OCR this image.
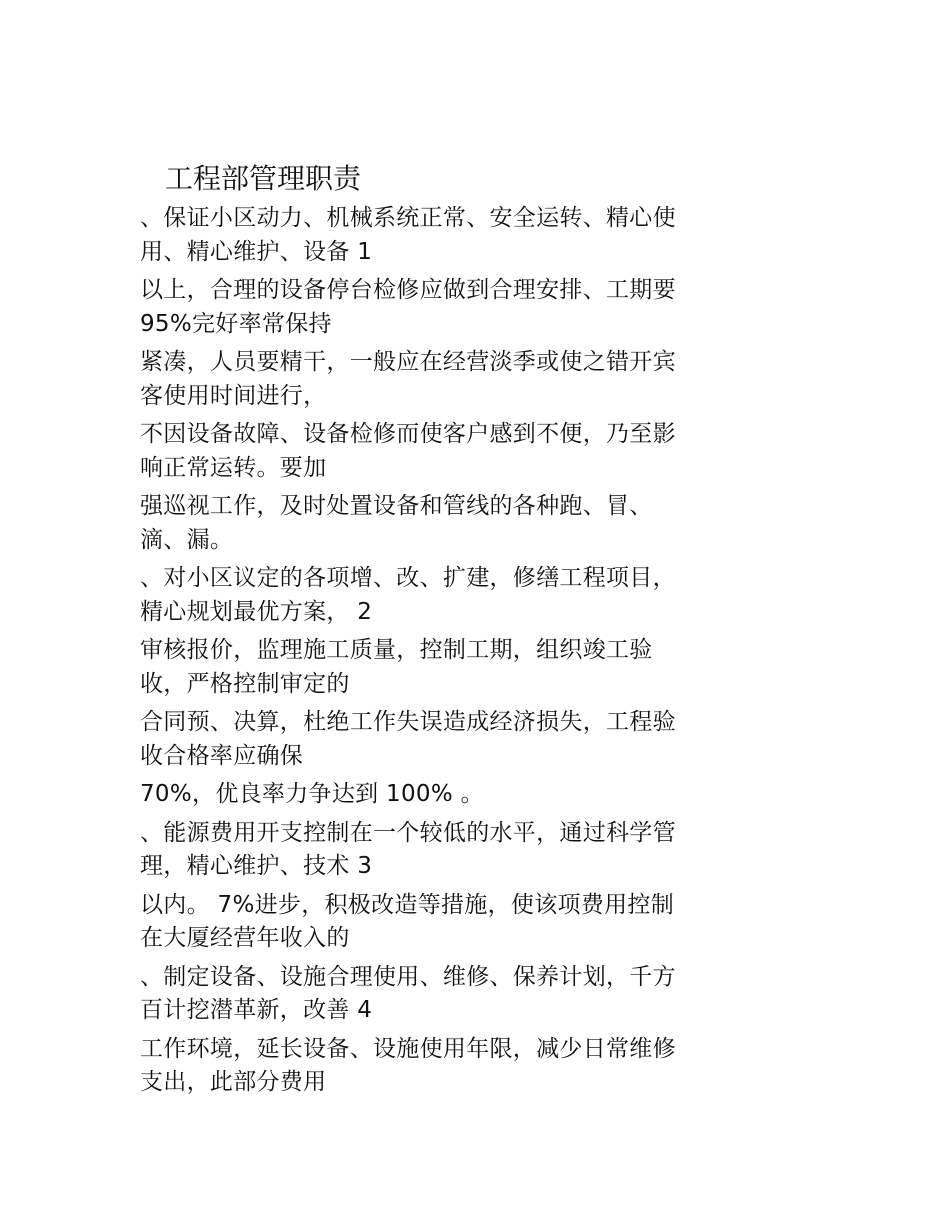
工程部管理职责
、保证小区动力、机械系统正常、安全运转、精心使
用、精心维护、设备 1
以上，合理的设备停台检修应做到合理安排、工期要
95%完好率常保持
紧凑，人员要精干，一般应在经营淡季或使之错开宾
客使用时间进行，
不因设备故障、设备检修而使客户感到不便，乃至影
响正常运转。要加
强巡视工作，及时处置设备和管线的各种跑、冒、
滴、漏。
、对小区议定的各项增、改、扩建，修缮工程项目，
精心规划最优方案， 2
审核报价，监理施工质量，控制工期，组织竣工验
收，严格控制审定的
合同预、决算，杜绝工作失误造成经济损失，工程验
收合格率应确保
70%，优良率力争达到 100% 。
、能源费用开支控制在一个较低的水平，通过科学管
理，精心维护、技术 3
以内。 7%进步，积极改造等措施，使该项费用控制
在大厦经营年收入的
、制定设备、设施合理使用、维修、保养计划，千方
百计挖潜革新，改善 4
工作环境，延长设备、设施使用年限，减少日常维修
支出，此部分费用
